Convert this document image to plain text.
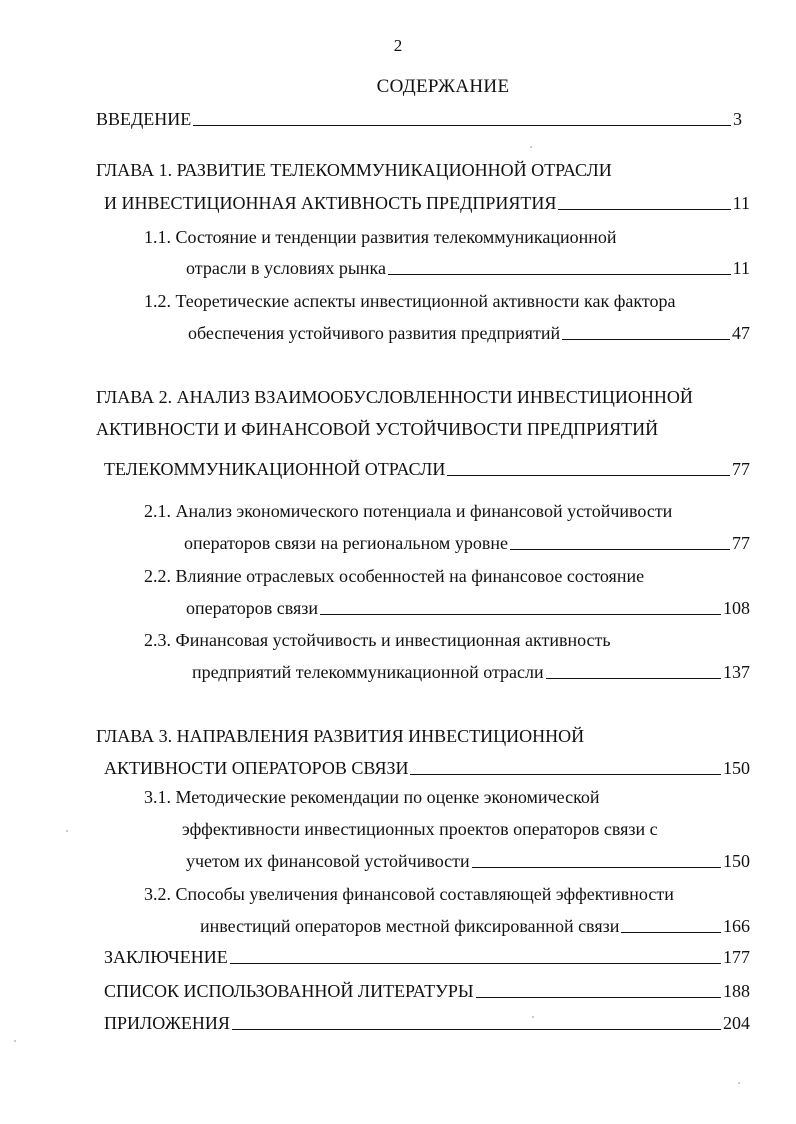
2
СОДЕРЖАНИЕ
ВВЕДЕНИЕ	3
ГЛАВА 1. РАЗВИТИЕ ТЕЛЕКОММУНИКАЦИОННОЙ ОТРАСЛИ
И ИНВЕСТИЦИОННАЯ АКТИВНОСТЬ ПРЕДПРИЯТИЯ	11
1.1. Состояние и тенденции развития телекоммуникационной
отрасли в условиях рынка	11
1.2. Теоретические аспекты инвестиционной активности как фактора
обеспечения устойчивого развития предприятий	47
ГЛАВА 2. АНАЛИЗ ВЗАИМООБУСЛОВЛЕННОСТИ ИНВЕСТИЦИОННОЙ
АКТИВНОСТИ И ФИНАНСОВОЙ УСТОЙЧИВОСТИ ПРЕДПРИЯТИЙ
ТЕЛЕКОММУНИКАЦИОННОЙ ОТРАСЛИ	77
2.1. Анализ экономического потенциала и финансовой устойчивости
операторов связи на региональном уровне	77
2.2. Влияние отраслевых особенностей на финансовое состояние
операторов связи	108
2.3. Финансовая устойчивость и инвестиционная активность
предприятий телекоммуникационной отрасли	137
ГЛАВА 3. НАПРАВЛЕНИЯ РАЗВИТИЯ ИНВЕСТИЦИОННОЙ
АКТИВНОСТИ ОПЕРАТОРОВ СВЯЗИ	150
3.1. Методические рекомендации по оценке экономической
эффективности инвестиционных проектов операторов связи с
учетом их финансовой устойчивости	150
3.2. Способы увеличения финансовой составляющей эффективности
инвестиций операторов местной фиксированной связи	166
ЗАКЛЮЧЕНИЕ	177
СПИСОК ИСПОЛЬЗОВАННОЙ ЛИТЕРАТУРЫ	188
ПРИЛОЖЕНИЯ	204
